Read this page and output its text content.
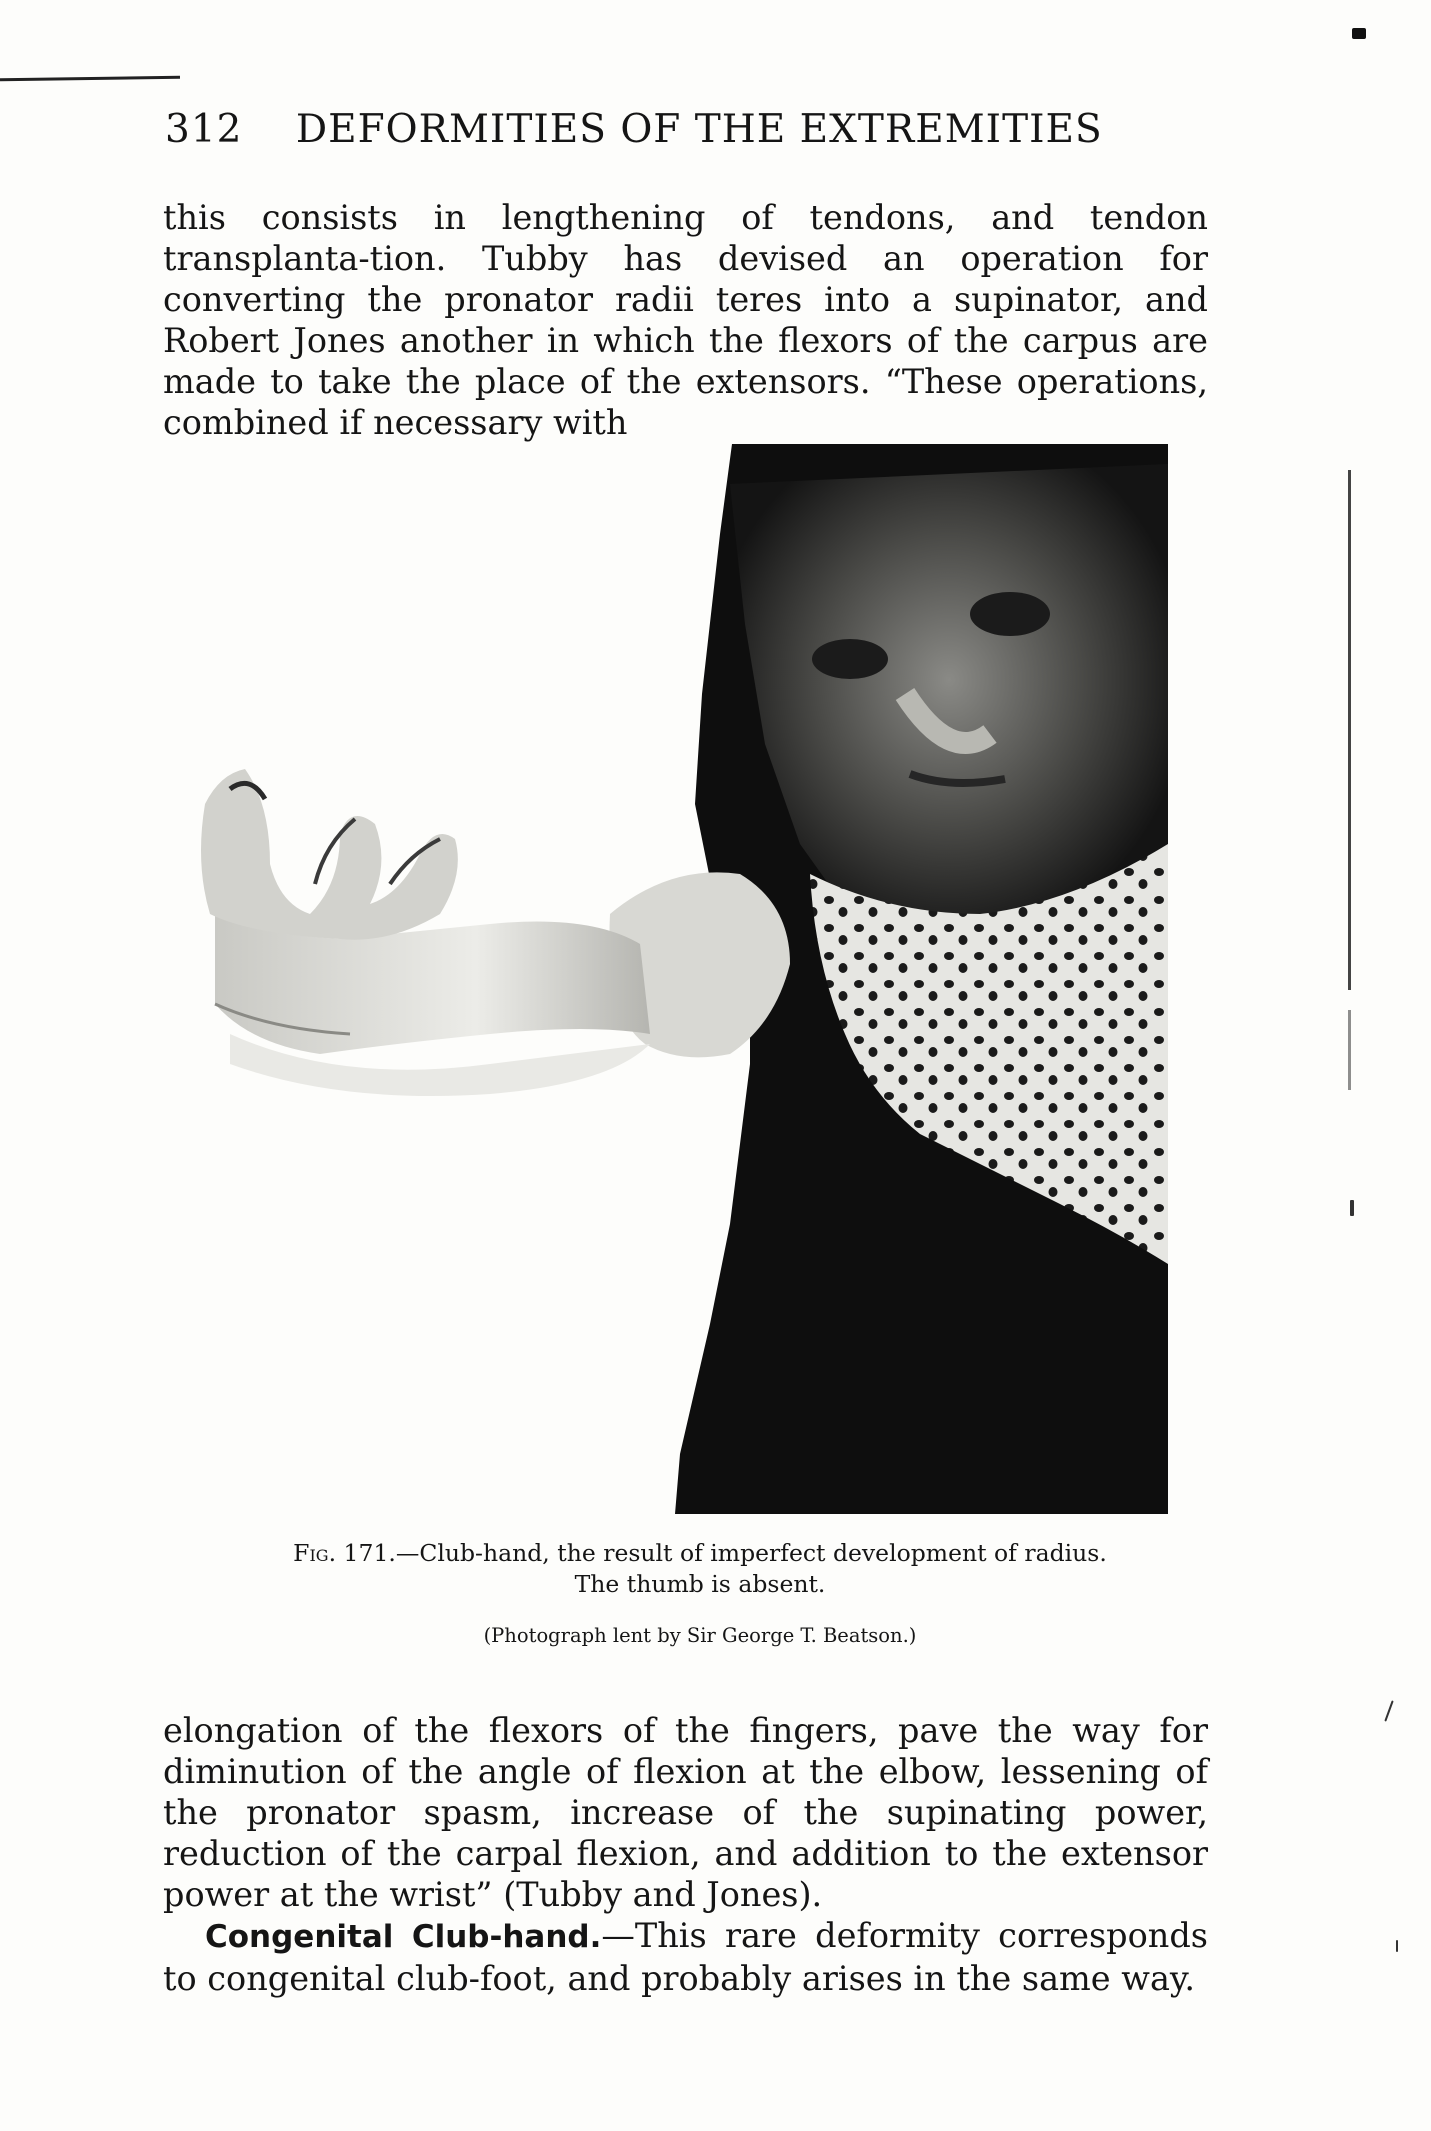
312 DEFORMITIES OF THE EXTREMITIES

this consists in lengthening of tendons, and tendon transplanta-tion. Tubby has devised an operation for converting the pronator radii teres into a supinator, and Robert Jones another in which the flexors of the carpus are made to take the place of the extensors. “These operations, combined if necessary with

Fig. 171.—Club-hand, the result of imperfect development of radius.
The thumb is absent.
(Photograph lent by Sir George T. Beatson.)

elongation of the flexors of the fingers, pave the way for diminution of the angle of flexion at the elbow, lessening of the pronator spasm, increase of the supinating power, reduction of the carpal flexion, and addition to the extensor power at the wrist” (Tubby and Jones).

Congenital Club-hand.—This rare deformity corresponds to congenital club-foot, and probably arises in the same way.
